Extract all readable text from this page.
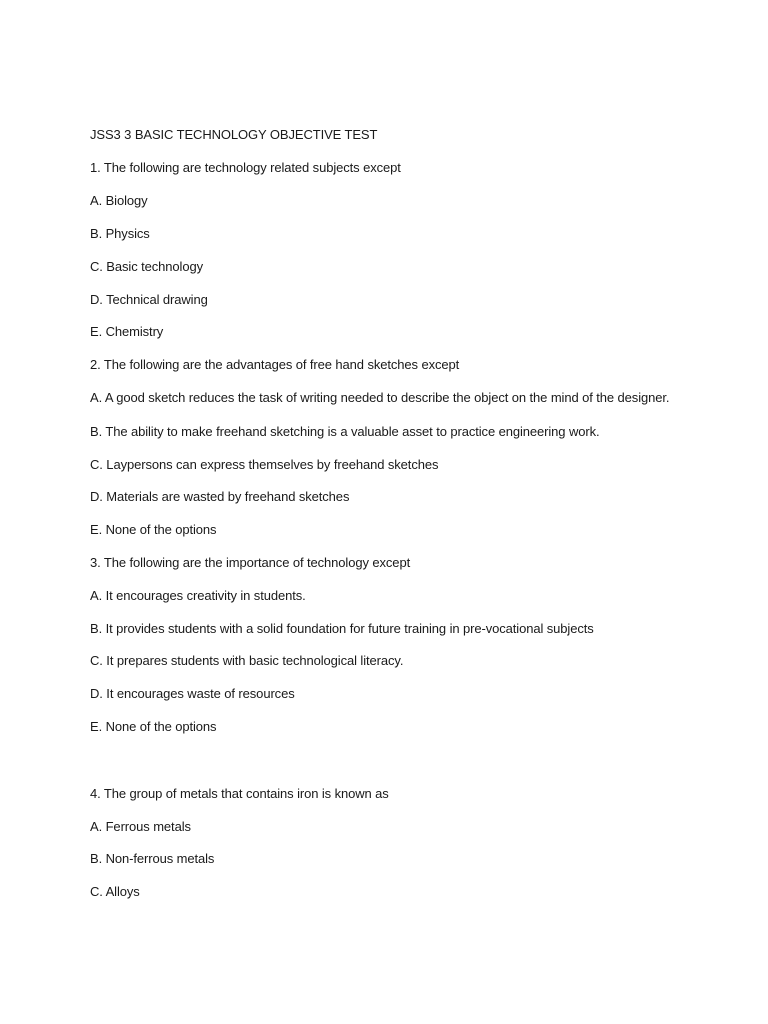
JSS3 3 BASIC TECHNOLOGY OBJECTIVE TEST

1. The following are technology related subjects except

A. Biology

B. Physics

C. Basic technology

D. Technical drawing

E. Chemistry

2. The following are the advantages of free hand sketches except

A. A good sketch reduces the task of writing needed to describe the object on the mind of the designer.

B. The ability to make freehand sketching is a valuable asset to practice engineering work.

C. Laypersons can express themselves by freehand sketches

D. Materials are wasted by freehand sketches

E. None of the options

3. The following are the importance of technology except

A. It encourages creativity in students.

B. It provides students with a solid foundation for future training in pre-vocational subjects

C. It prepares students with basic technological literacy.

D. It encourages waste of resources

E. None of the options

4. The group of metals that contains iron is known as

A. Ferrous metals

B. Non-ferrous metals

C. Alloys
